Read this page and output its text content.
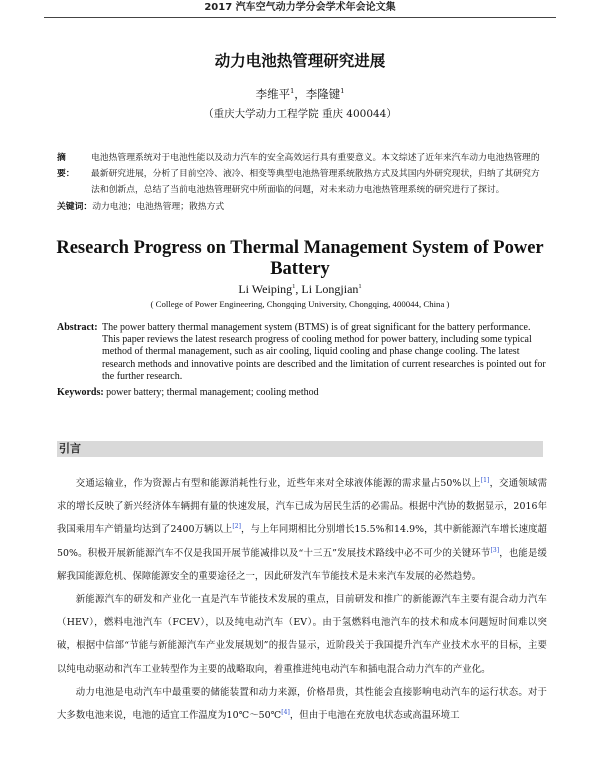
2017 汽车空气动力学分会学术年会论文集
动力电池热管理研究进展
李维平$^1$，李隆键$^1$
（重庆大学动力工程学院 重庆 400044）
摘　要：
电池热管理系统对于电池性能以及动力汽车的安全高效运行具有重要意义。本文综述了近年来汽车动力电池热管理的最新研究进展，分析了目前空冷、液冷、相变等典型电池热管理系统散热方式及其国内外研究现状，归纳了其研究方法和创新点，总结了当前电池热管理研究中所面临的问题，对未来动力电池热管理系统的研究进行了探讨。
关键词：动力电池；电池热管理；散热方式
Research Progress on Thermal Management System of Power Battery
Li Weiping$^1$, Li Longjian$^1$
( College of Power Engineering, Chongqing University, Chongqing, 400044, China )
Abstract: The power battery thermal management system (BTMS) is of great significant for the battery performance. This paper reviews the latest research progress of cooling method for power battery, including some typical method of thermal management, such as air cooling, liquid cooling and phase change cooling. The latest research methods and innovative points are described and the limitation of current researches is pointed out for the further research.
Keywords: power battery; thermal management; cooling method
引言

交通运输业，作为资源占有型和能源消耗性行业，近些年来对全球液体能源的需求量占50%以上[1]，交通领域需求的增长反映了新兴经济体车辆拥有量的快速发展，汽车已成为居民生活的必需品。根据中汽协的数据显示，2016年我国乘用车产销量均达到了2400万辆以上[2]，与上年同期相比分别增长15.5%和14.9%，其中新能源汽车增长速度超50%。积极开展新能源汽车不仅是我国开展节能减排以及“十三五”发展技术路线中必不可少的关键环节[3]，也能是缓解我国能源危机、保障能源安全的重要途径之一，因此研发汽车节能技术是未来汽车发展的必然趋势。

新能源汽车的研发和产业化一直是汽车节能技术发展的重点，目前研发和推广的新能源汽车主要有混合动力汽车（HEV），燃料电池汽车（FCEV），以及纯电动汽车（EV）。由于氢燃料电池汽车的技术和成本问题短时间难以突破，根据中信部“节能与新能源汽车产业发展规划”的报告显示，近阶段关于我国提升汽车产业技术水平的目标，主要以纯电动驱动和汽车工业转型作为主要的战略取向，着重推进纯电动汽车和插电混合动力汽车的产业化。

动力电池是电动汽车中最重要的储能装置和动力来源，价格昂贵，其性能会直接影响电动汽车的运行状态。对于大多数电池来说，电池的适宜工作温度为10℃～50℃[4]，但由于电池在充放电状态或高温环境工
